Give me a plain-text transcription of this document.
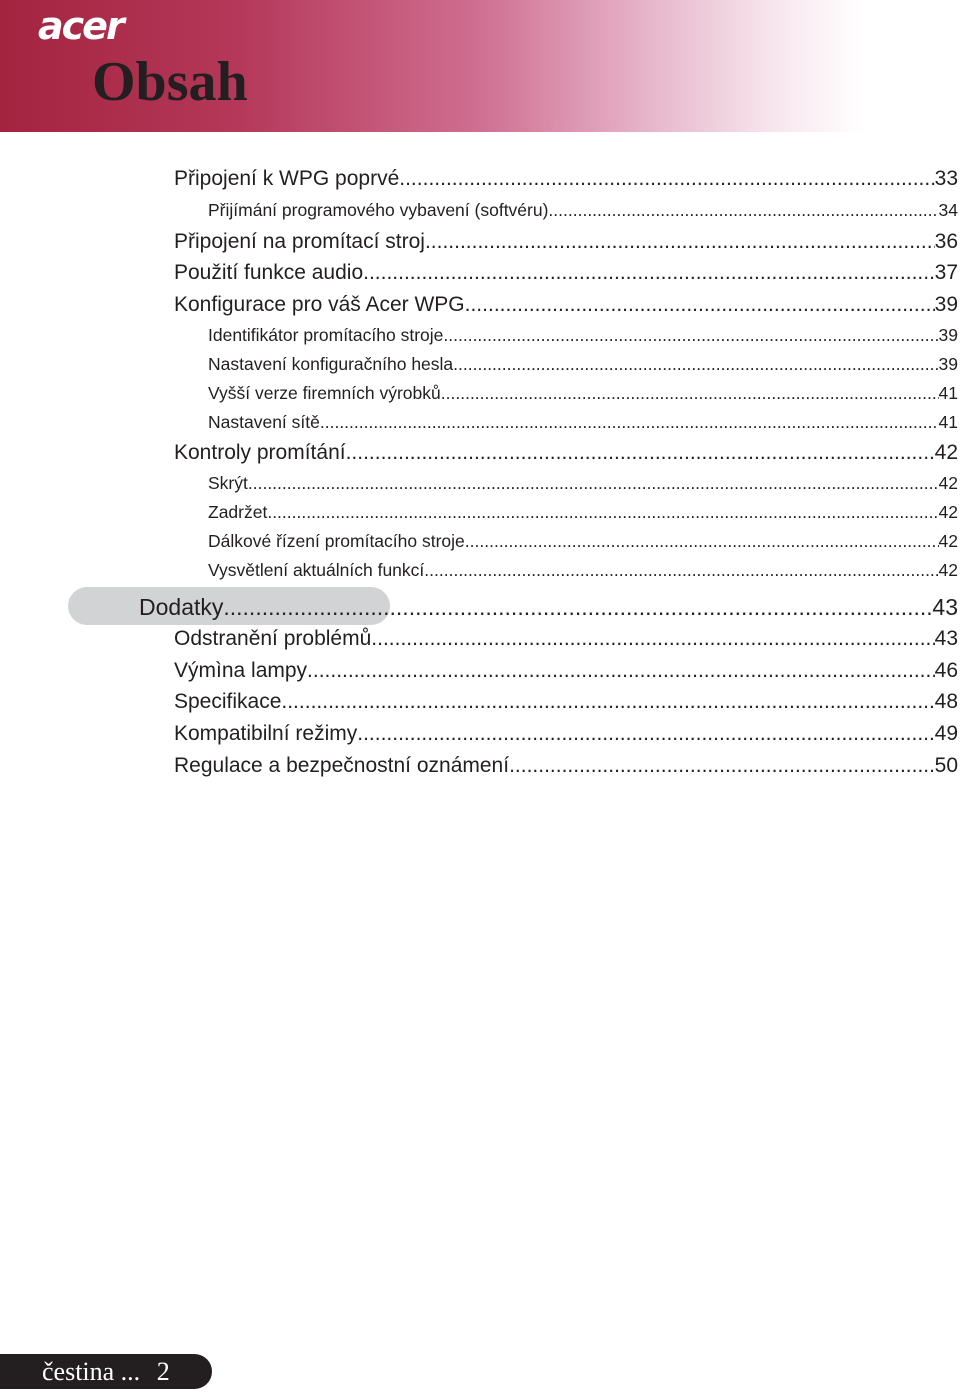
acer
Obsah
Připojení k WPG poprvé .....	33
Přijímání programového vybavení (softvéru) .....	34
Připojení na promítací stroj .....	36
Použití funkce audio .....	37
Konfigurace pro váš Acer WPG .....	39
Identifikátor promítacího stroje .....	39
Nastavení konfiguračního hesla .....	39
Vyšší verze firemních výrobků .....	41
Nastavení sítě .....	41
Kontroly promítání .....	42
Skrýt .....	42
Zadržet .....	42
Dálkové řízení promítacího stroje .....	42
Vysvětlení aktuálních funkcí .....	42
Dodatky .....	43
Odstranění problémů .....	43
Výmìna lampy .....	46
Specifikace .....	48
Kompatibilní režimy .....	49
Regulace a bezpečnostní oznámení .....	50
čestina ... 2
